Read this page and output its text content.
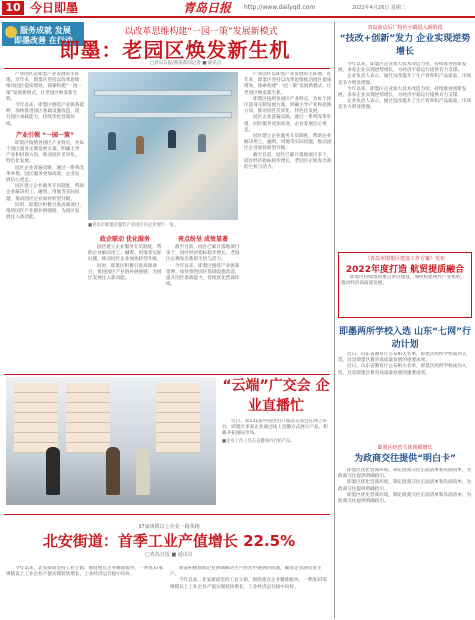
10 今日即墨	青岛日报 http://www.dailyqd.com	2022年4月26日 星期二
服务成就 发展
即墨改善 在行动
以改革思维构建“一园一策”发展新模式
即墨：老园区焕发新生机
□青岛日报/观海新闻记者 ■ 通讯员

产业园区是即墨产业发展的主阵地，近年来，即墨区坚持以改革思维推动园区提质增效，探索构建“一园一策”发展新模式，让老园区焕发新生机。

今年以来，即墨区围绕产业链条延伸，加快推进园区基础设施改造，提升园区承载能力，持续优化营商环境。

产业引领 “一园一策”

即墨区按照各园区产业特点，为每个园区量身定制发展方案，明确主导产业和招商方向，推动园区差异化、特色化发展。

园区企业普遍反映，通过一系列改革举措，园区服务更加高效，企业发展信心更足。

园区建立企业服务专员制度，帮助企业解决用工、融资、用地等实际问题，推动园区企业加快转型升级。

同时，即墨区积极引进高端项目，推进园区产业链补链强链，为园区发展注入新动能。

■青岛市即墨区服装产业园区内企业展厅一角。
政企联动 优化服务

园区建立企业服务专员制度，帮助企业解决用工、融资、用地等实际问题，推动园区企业加快转型升级。

同时，即墨区积极引进高端项目，推进园区产业链补链强链，为园区发展注入新动能。

亮点纷呈 成效显著

截至目前，园区已累计落地项目多个，园区经济指标稳步增长，老园区正焕发出新的生机与活力。

今年以来，即墨区围绕产业链条延伸，加快推进园区基础设施改造，提升园区承载能力，持续优化营商环境。

产业园区是即墨产业发展的主阵地，近年来，即墨区坚持以改革思维推动园区提质增效，探索构建“一园一策”发展新模式，让老园区焕发新生机。

即墨区按照各园区产业特点，为每个园区量身定制发展方案，明确主导产业和招商方向，推动园区差异化、特色化发展。

园区企业普遍反映，通过一系列改革举措，园区服务更加高效，企业发展信心更足。

园区建立企业服务专员制度，帮助企业解决用工、融资、用地等实际问题，推动园区企业加快转型升级。

截至目前，园区已累计落地项目多个，园区经济指标稳步增长，老园区正焕发出新的生机与活力。

青岛前店后厂特色小镇进入新阶段
“技改+创新”发力 企业实现逆势增长

今年以来，即墨区企业加大技术改造力度，持续推进创新发展，多家企业实现逆势增长，为经济平稳运行提供有力支撑。

企业负责人表示，通过技改提升了生产效率和产品质量，市场竞争力明显增强。

今年以来，即墨区企业加大技术改造力度，持续推进创新发展，多家企业实现逆势增长，为经济平稳运行提供有力支撑。

企业负责人表示，通过技改提升了生产效率和产品质量，市场竞争力明显增强。

《青岛市即墨区建设工作方案》发布
2022年度打造 航贸提质融合

即墨区持续推进重点项目建设，加快构建现代产业体系，推动经济高质量发展。

即墨两所学校入选 山东“七网”行动计划

近日，山东省教育厅公布相关名单，即墨区两所学校成功入选，这是即墨区教育高质量发展的重要成果。

近日，山东省教育厅公布相关名单，即墨区两所学校成功入选，这是即墨区教育高质量发展的重要成果。

即墨区经营主体规模增长
为政商交往提供“明白卡”

即墨区优化营商环境，制定政商交往正面清单和负面清单，为政商交往提供明确指引。

即墨区优化营商环境，制定政商交往正面清单和负面清单，为政商交往提供明确指引。

即墨区优化营商环境，制定政商交往正面清单和负面清单，为政商交往提供明确指引。

“云端”广交会 企业直播忙

近日，第131届中国进出口商品交易会在网上举办，即墨区多家企业通过线上直播方式展示产品，积极开拓国际市场。

■企业工作人员在直播间内介绍产品。
37家规模以上企业一路领跑
北安街道：首季工业产值增长 22.5%
□青岛日报 ■ 通讯员

今年以来，北安街道坚持工业立街，围绕重点企业精准服务，一季度37家规模以上工业企业产值实现较快增长，工业经济运行稳中向好。

街道积极帮助企业协调解决生产经营中遇到的问题，确保企业满负荷生产。

今年以来，北安街道坚持工业立街，围绕重点企业精准服务，一季度37家规模以上工业企业产值实现较快增长，工业经济运行稳中向好。
